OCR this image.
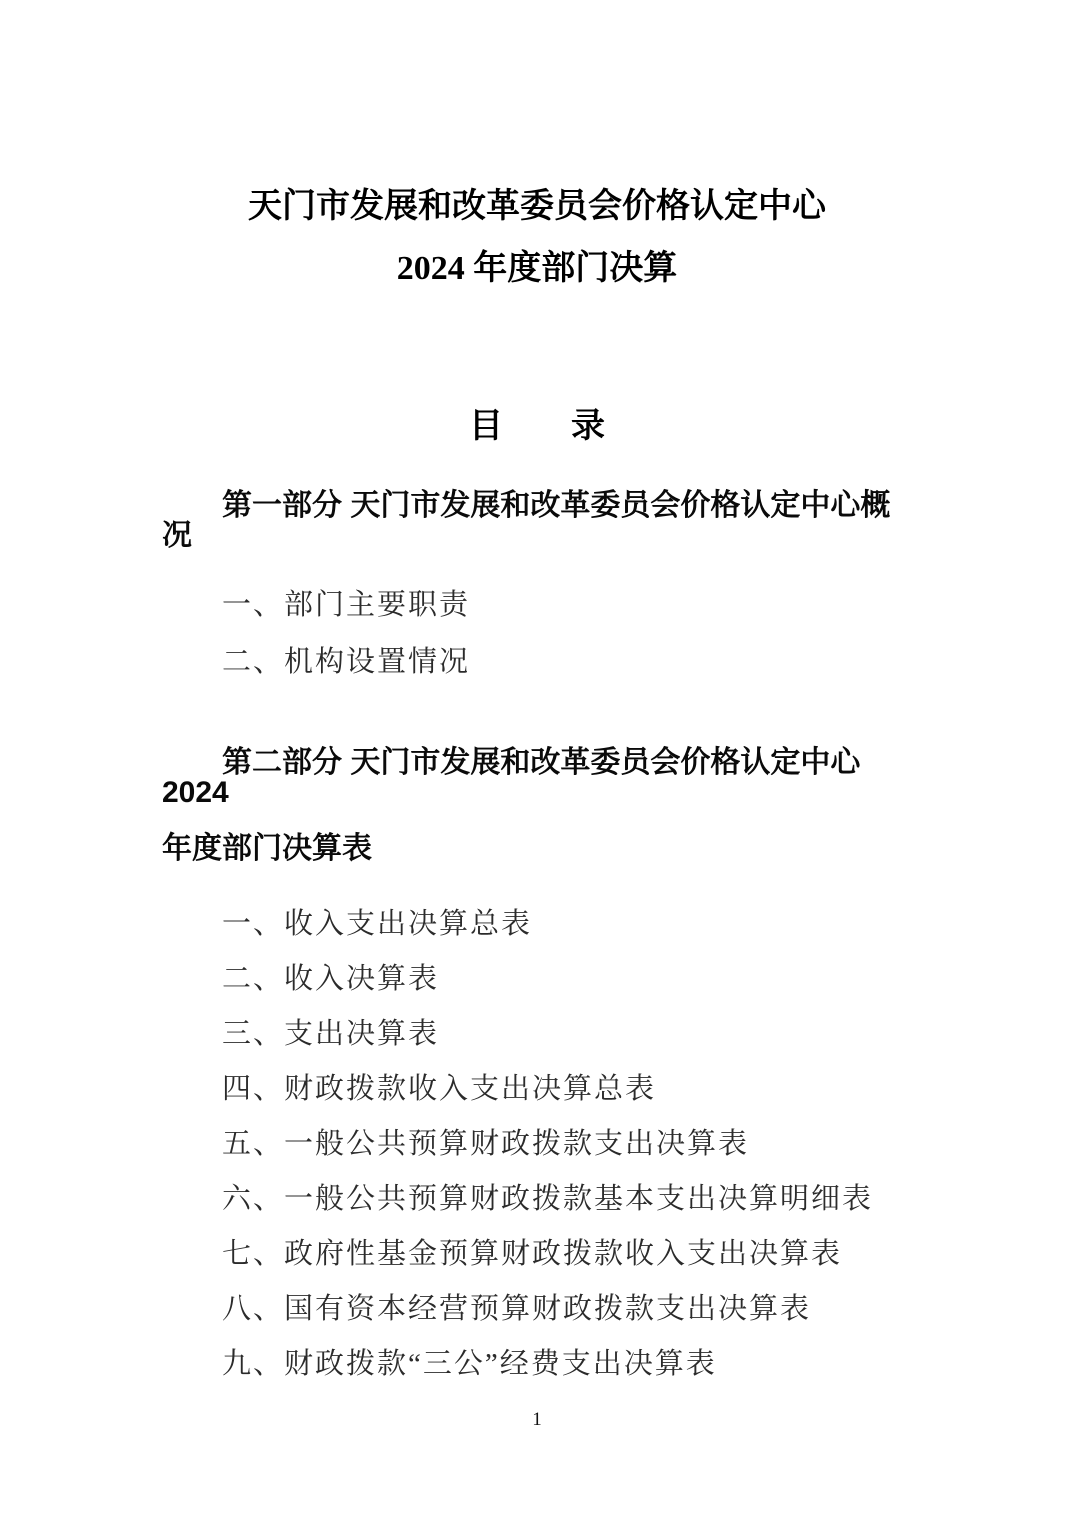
天门市发展和改革委员会价格认定中心
2024 年度部门决算
目　　录
第一部分 天门市发展和改革委员会价格认定中心概况
一、部门主要职责
二、机构设置情况
第二部分 天门市发展和改革委员会价格认定中心 2024
年度部门决算表
一、收入支出决算总表
二、收入决算表
三、支出决算表
四、财政拨款收入支出决算总表
五、一般公共预算财政拨款支出决算表
六、一般公共预算财政拨款基本支出决算明细表
七、政府性基金预算财政拨款收入支出决算表
八、国有资本经营预算财政拨款支出决算表
九、财政拨款“三公”经费支出决算表
1
